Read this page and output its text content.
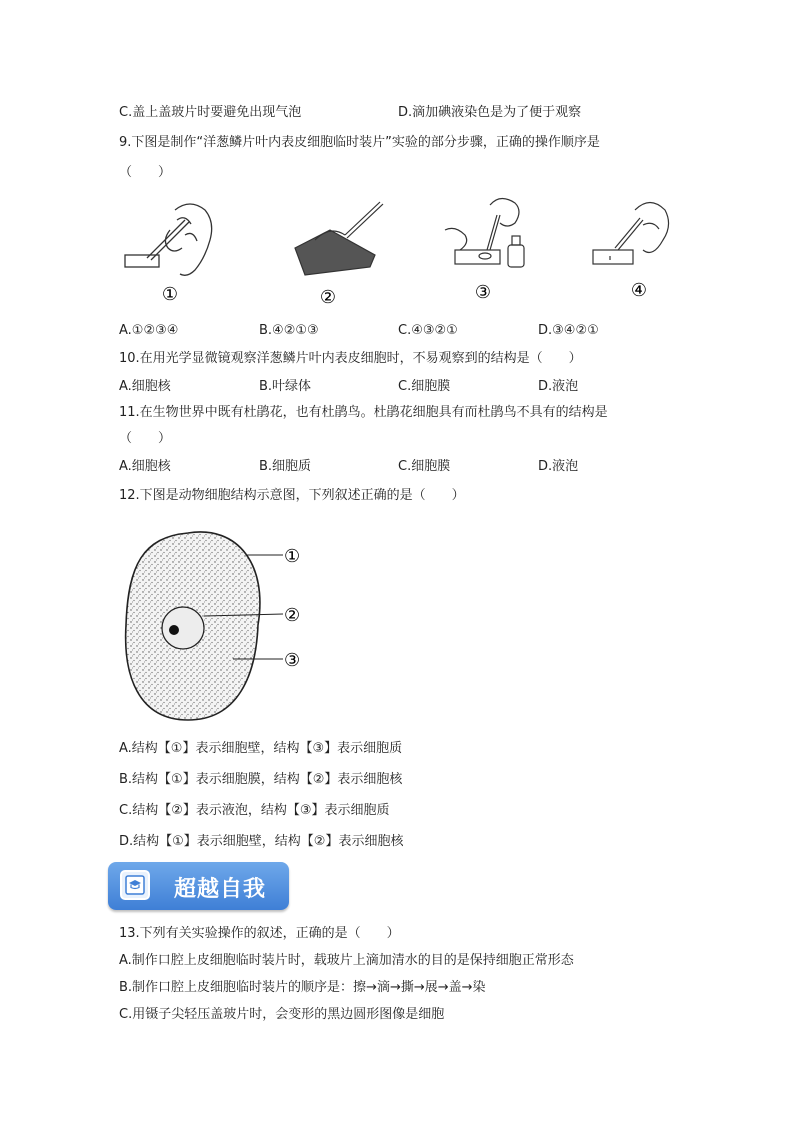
C.盖上盖玻片时要避免出现气泡	D.滴加碘液染色是为了便于观察
9.下图是制作“洋葱鳞片叶内表皮细胞临时装片”实验的部分步骤，正确的操作顺序是
（　　）
①	②	③	④
A.①②③④	B.④②①③	C.④③②①	D.③④②①
10.在用光学显微镜观察洋葱鳞片叶内表皮细胞时，不易观察到的结构是（　　）
A.细胞核	B.叶绿体	C.细胞膜	D.液泡
11.在生物世界中既有杜鹃花，也有杜鹃鸟。杜鹃花细胞具有而杜鹃鸟不具有的结构是
（　　）
A.细胞核	B.细胞质	C.细胞膜	D.液泡
12.下图是动物细胞结构示意图，下列叙述正确的是（　　）
①
②
③
A.结构【①】表示细胞壁，结构【③】表示细胞质
B.结构【①】表示细胞膜，结构【②】表示细胞核
C.结构【②】表示液泡，结构【③】表示细胞质
D.结构【①】表示细胞壁，结构【②】表示细胞核
超越自我
13.下列有关实验操作的叙述，正确的是（　　）
A.制作口腔上皮细胞临时装片时，载玻片上滴加清水的目的是保持细胞正常形态
B.制作口腔上皮细胞临时装片的顺序是：擦→滴→撕→展→盖→染
C.用镊子尖轻压盖玻片时，会变形的黑边圆形图像是细胞
